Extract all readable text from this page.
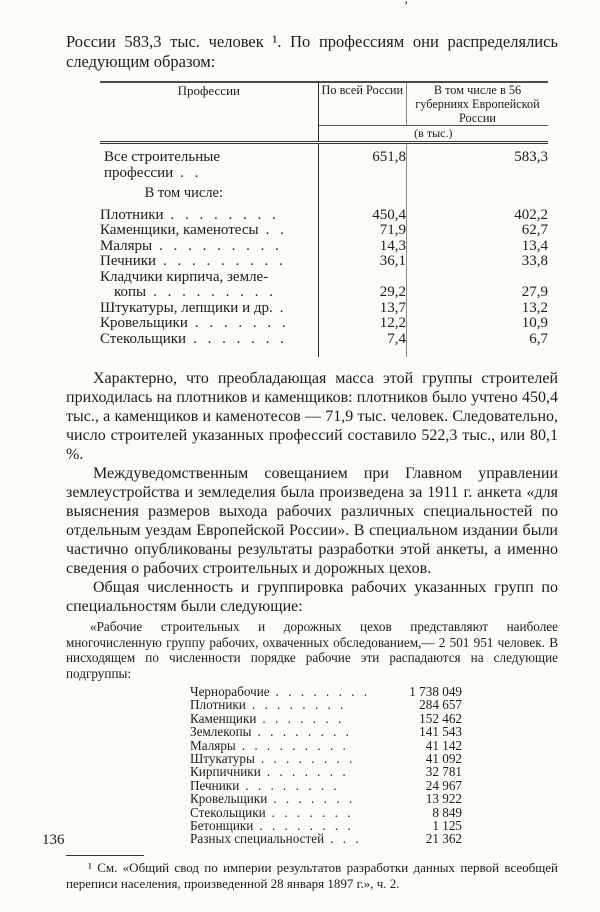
’

России 583,3 тыс. человек ¹. По профессиям они распределялись следующим образом:

Профессии	По всей России	В том числе в 56 губерниях Европейской России
	(в тыс.)	
Все строительные профессии . .	651,8	583,3
В том числе:		
Плотники . . . . . . . .	450,4	402,2
Каменщики, каменотесы . .	71,9	62,7
Маляры . . . . . . . . .	14,3	13,4
Печники . . . . . . . . .	36,1	33,8

Кладчики кирпича, земле-
копы . . . . . . . . .	29,2	27,9
Штукатуры, лепщики и др. .	13,7	13,2
Кровельщики . . . . . . .	12,2	10,9
Стекольщики . . . . . . .	7,4	6,7

Характерно, что преобладающая масса этой группы строителей приходилась на плотников и каменщиков: плотников было учтено 450,4 тыс., а каменщиков и каменотесов — 71,9 тыс. человек. Следовательно, число строителей указанных профессий составило 522,3 тыс., или 80,1 %.

Междуведомственным совещанием при Главном управлении землеустройства и земледелия была произведена за 1911 г. анкета «для выяснения размеров выхода рабочих различных специальностей по отдельным уездам Европейской России». В специальном издании были частично опубликованы результаты разработки этой анкеты, а именно сведения о рабочих строительных и дорожных цехов.

Общая численность и группировка рабочих указанных групп по специальностям были следующие:

«Рабочие строительных и дорожных цехов представляют наиболее многочисленную группу рабочих, охваченных обследованием,— 2 501 951 человек. В нисходящем по численности порядке рабочие эти распадаются на следующие подгруппы:

Чернорабочие . . . . . . . .	1 738 049
Плотники . . . . . . . .	284 657
Каменщики . . . . . . .	152 462
Землекопы . . . . . . . .	141 543
Маляры . . . . . . . . .	41 142
Штукатуры . . . . . . . .	41 092
Кирпичники . . . . . . .	32 781
Печники . . . . . . . .	24 967
Кровельщики . . . . . . .	13 922
Стекольщики . . . . . . .	8 849
Бетонщики . . . . . . . .	1 125
Разных специальностей . . .	21 362

¹ См. «Общий свод по империи результатов разработки данных первой всеобщей переписи населения, произведенной 28 января 1897 г.», ч. 2.

136
